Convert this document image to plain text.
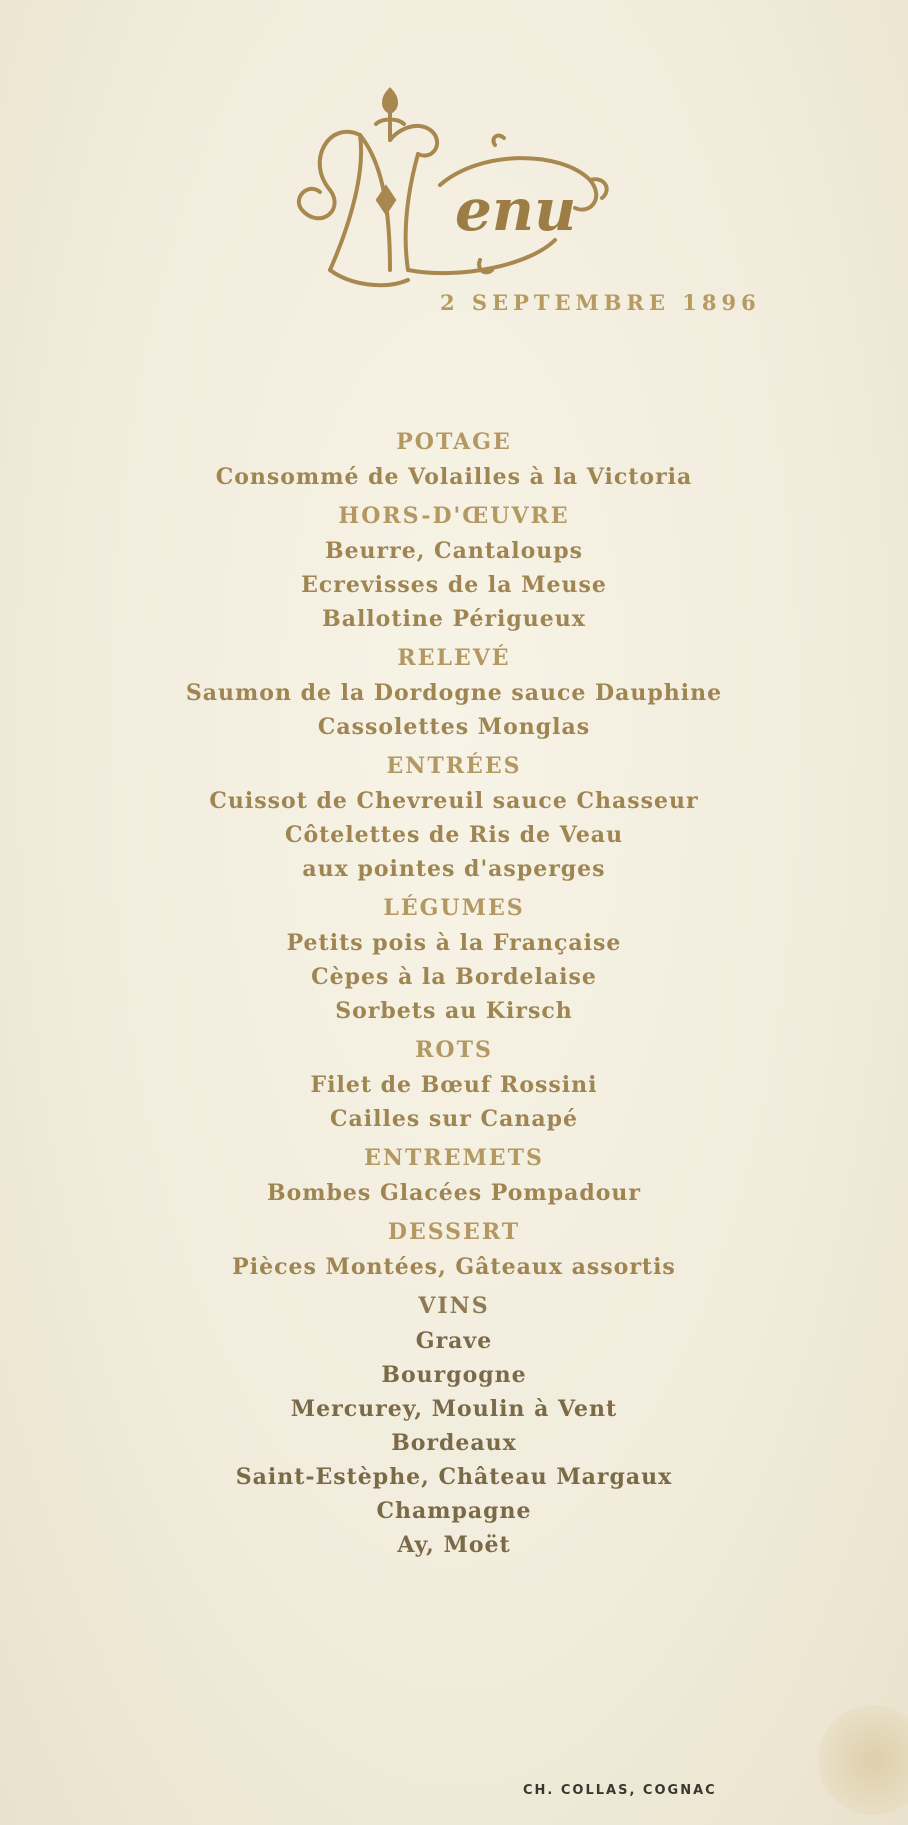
enu
2 SEPTEMBRE 1896
POTAGE
Consommé de Volailles à la Victoria
HORS-D'ŒUVRE
Beurre, Cantaloups
Ecrevisses de la Meuse
Ballotine Périgueux
RELEVÉ
Saumon de la Dordogne sauce Dauphine
Cassolettes Monglas
ENTRÉES
Cuissot de Chevreuil sauce Chasseur
Côtelettes de Ris de Veau
aux pointes d'asperges
LÉGUMES
Petits pois à la Française
Cèpes à la Bordelaise
Sorbets au Kirsch
ROTS
Filet de Bœuf Rossini
Cailles sur Canapé
ENTREMETS
Bombes Glacées Pompadour
DESSERT
Pièces Montées, Gâteaux assortis
VINS
Grave
Bourgogne
Mercurey, Moulin à Vent
Bordeaux
Saint-Estèphe, Château Margaux
Champagne
Ay, Moët
CH. COLLAS, COGNAC
